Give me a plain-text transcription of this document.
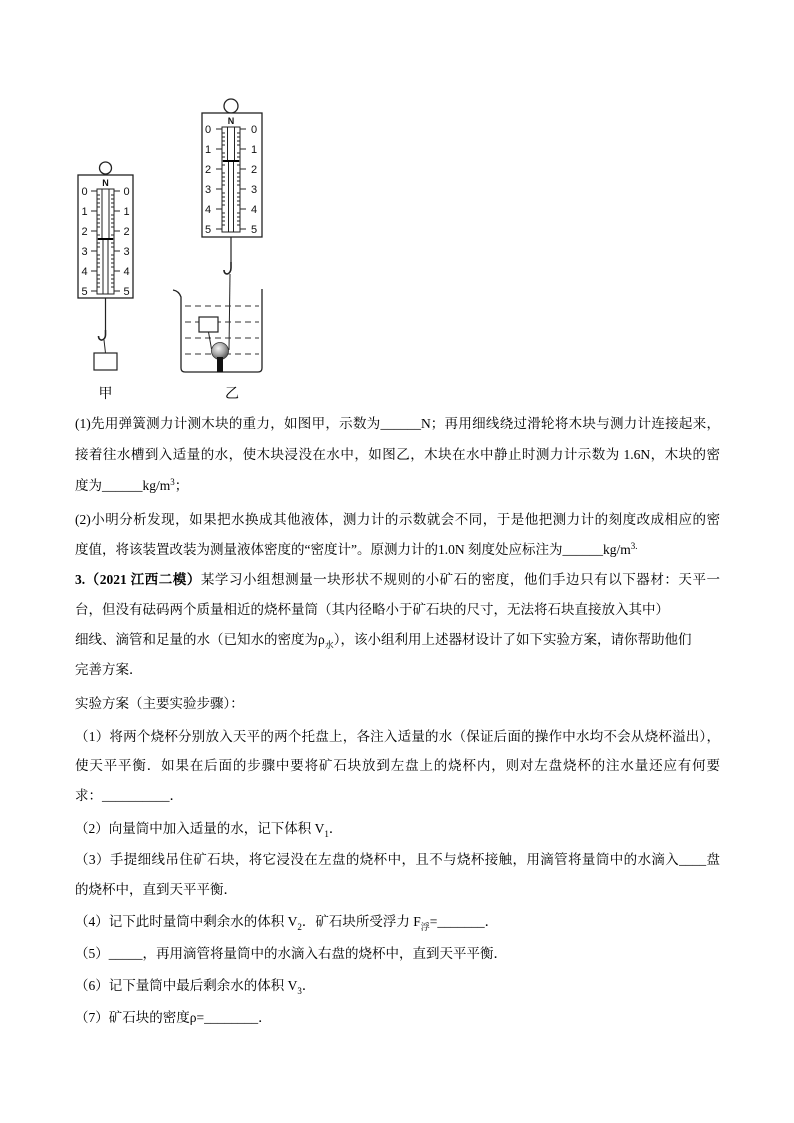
N
0	0
1	1
2	2
3	3
4	4
5	5
甲
N
0	0
1	1
2	2
3	3
4	4
5	5
乙
(1)先用弹簧测力计测木块的重力，如图甲，示数为______N；再用细线绕过滑轮将木块与测力计连接起来，
接着往水槽到入适量的水，使木块浸没在水中，如图乙，木块在水中静止时测力计示数为 1.6N，木块的密
度为$\_\_\_\_\_\_kg/m^3$；
(2)小明分析发现，如果把水换成其他液体，测力计的示数就会不同，于是他把测力计的刻度改成相应的密
度值，将该装置改装为测量液体密度的“密度计”。原测力计的1.0N 刻度处应标注为$\_\_\_\_\_\_kg/m^{3.}$
3.（2021 江西二模）某学习小组想测量一块形状不规则的小矿石的密度，他们手边只有以下器材：天平一
台，但没有砝码两个质量相近的烧杯量筒（其内径略小于矿石块的尺寸，无法将石块直接放入其中）
细线、滴管和足量的水（已知水的密度为$\rho_水$），该小组利用上述器材设计了如下实验方案，请你帮助他们
完善方案．
实验方案（主要实验步骤）：
（1）将两个烧杯分别放入天平的两个托盘上，各注入适量的水（保证后面的操作中水均不会从烧杯溢出），
使天平平衡．如果在后面的步骤中要将矿石块放到左盘上的烧杯内，则对左盘烧杯的注水量还应有何要
求：__________．
（2）向量筒中加入适量的水，记下体积 $V_1$．
（3）手提细线吊住矿石块，将它浸没在左盘的烧杯中，且不与烧杯接触，用滴管将量筒中的水滴入____盘
的烧杯中，直到天平平衡．
（4）记下此时量筒中剩余水的体积 $V_2$．矿石块所受浮力 $F_浮=\_\_\_\_\_\_\_$．
（5）_____，再用滴管将量筒中的水滴入右盘的烧杯中，直到天平平衡．
（6）记下量筒中最后剩余水的体积 $V_3$．
（7）矿石块的密度ρ=________．
